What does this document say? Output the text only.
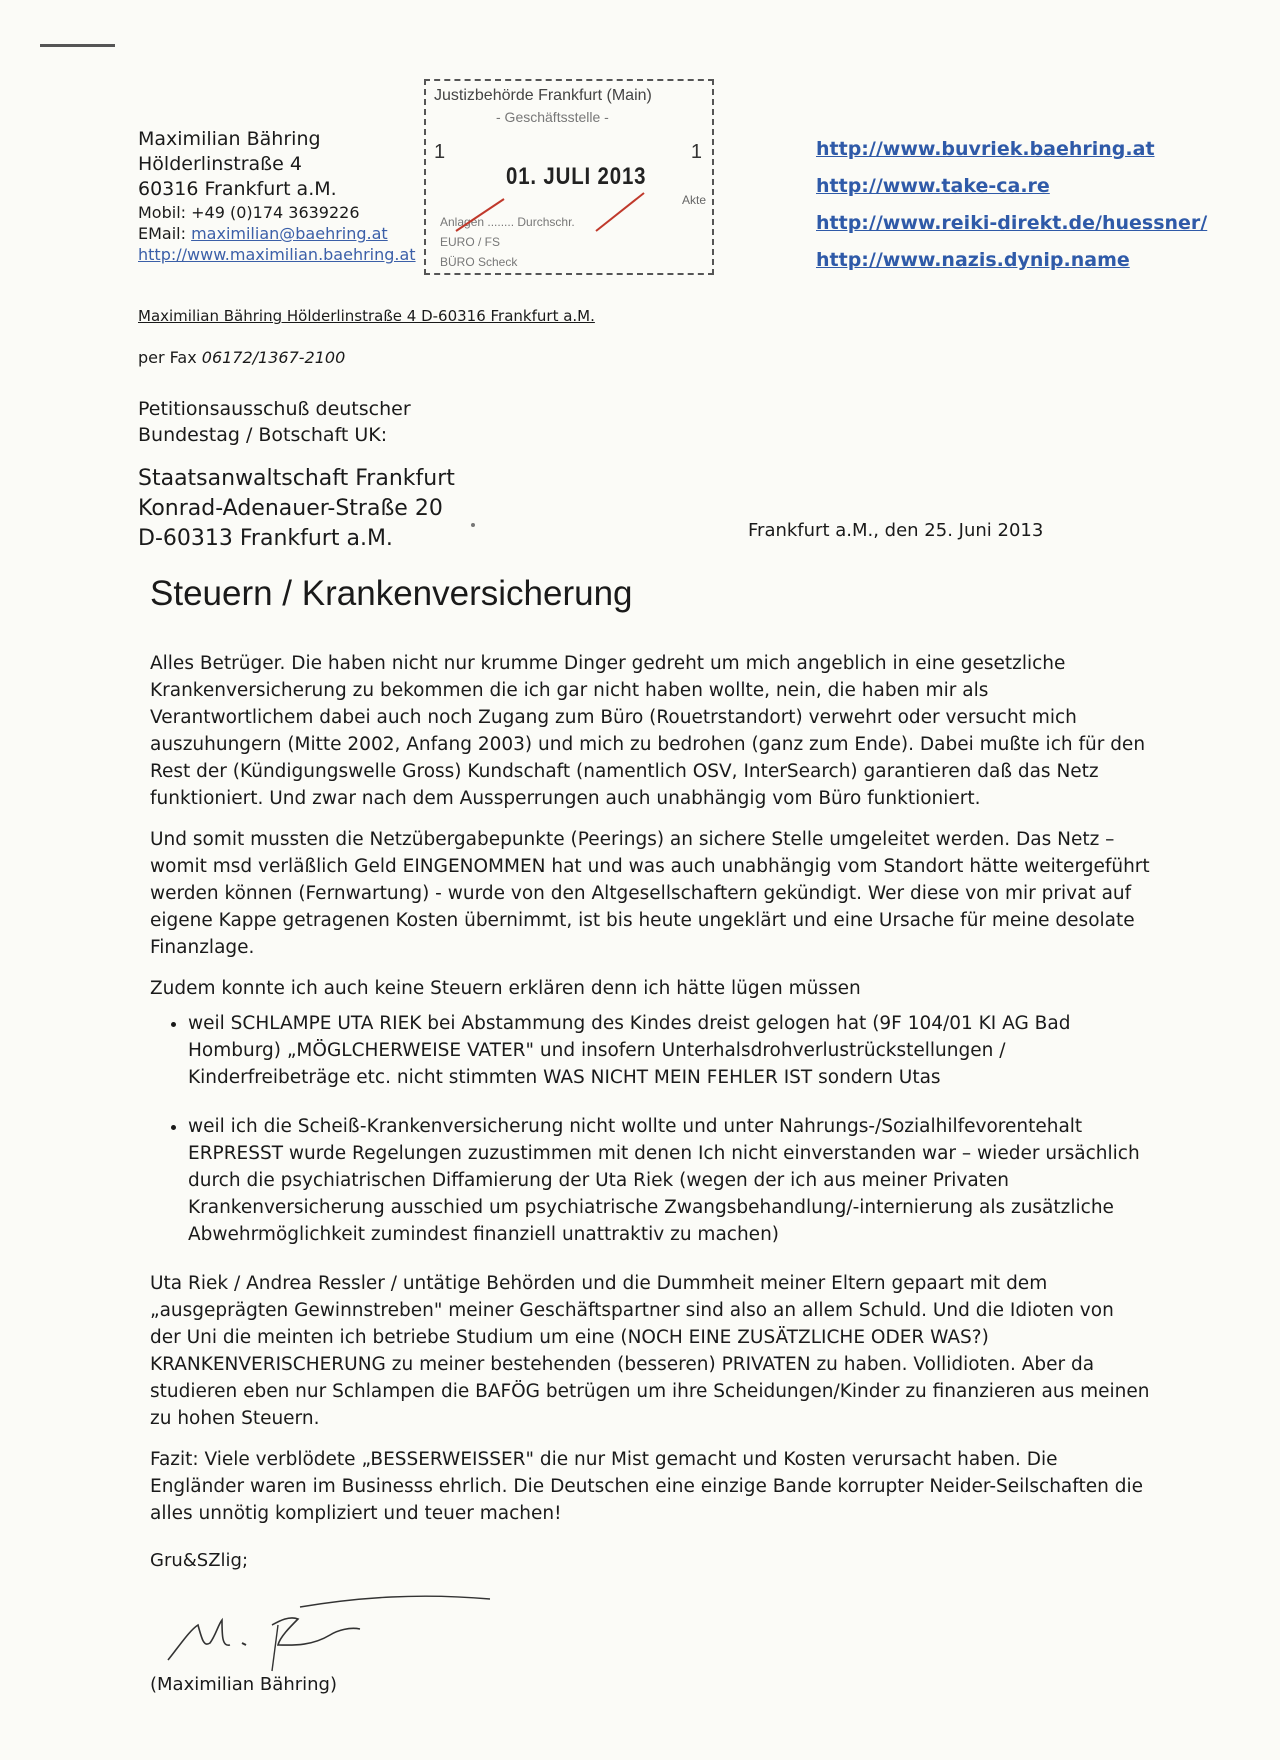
Maximilian Bähring
Hölderlinstraße 4
60316 Frankfurt a.M.
Mobil: +49 (0)174 3639226
EMail: maximilian@baehring.at
http://www.maximilian.baehring.at
Justizbehörde Frankfurt (Main)
- Geschäftsstelle -
1	1
01. JULI 2013
Akte
Anlagen ........ Durchschr.
EURO / FS
BÜRO Scheck
http://www.buvriek.baehring.at
http://www.take-ca.re
http://www.reiki-direkt.de/huessner/
http://www.nazis.dynip.name
Maximilian Bähring Hölderlinstraße 4 D-60316 Frankfurt a.M.
per Fax 06172/1367-2100
Petitionsausschuß deutscher
Bundestag / Botschaft UK:
Staatsanwaltschaft Frankfurt
Konrad-Adenauer-Straße 20
D-60313 Frankfurt a.M.	Frankfurt a.M., den 25. Juni 2013
Steuern / Krankenversicherung

Alles Betrüger. Die haben nicht nur krumme Dinger gedreht um mich angeblich in eine gesetzliche Krankenversicherung zu bekommen die ich gar nicht haben wollte, nein, die haben mir als Verantwortlichem dabei auch noch Zugang zum Büro (Rouetrstandort) verwehrt oder versucht mich auszuhungern (Mitte 2002, Anfang 2003) und mich zu bedrohen (ganz zum Ende). Dabei mußte ich für den Rest der (Kündigungswelle Gross) Kundschaft (namentlich OSV, InterSearch) garantieren daß das Netz funktioniert. Und zwar nach dem Aussperrungen auch unabhängig vom Büro funktioniert.

Und somit mussten die Netzübergabepunkte (Peerings) an sichere Stelle umgeleitet werden. Das Netz –womit msd verläßlich Geld EINGENOMMEN hat und was auch unabhängig vom Standort hätte weitergeführt werden können (Fernwartung) - wurde von den Altgesellschaftern gekündigt. Wer diese von mir privat auf eigene Kappe getragenen Kosten übernimmt, ist bis heute ungeklärt und eine Ursache für meine desolate Finanzlage.

Zudem konnte ich auch keine Steuern erklären denn ich hätte lügen müssen

• weil SCHLAMPE UTA RIEK bei Abstammung des Kindes dreist gelogen hat (9F 104/01 KI AG Bad Homburg) „MÖGLCHERWEISE VATER" und insofern Unterhalsdrohverlustrückstellungen / Kinderfreibeträge etc. nicht stimmten WAS NICHT MEIN FEHLER IST sondern Utas
• weil ich die Scheiß-Krankenversicherung nicht wollte und unter Nahrungs-/Sozialhilfevorentehalt ERPRESST wurde Regelungen zuzustimmen mit denen Ich nicht einverstanden war – wieder ursächlich durch die psychiatrischen Diffamierung der Uta Riek (wegen der ich aus meiner Privaten Krankenversicherung ausschied um psychiatrische Zwangsbehandlung/-internierung als zusätzliche Abwehrmöglichkeit zumindest finanziell unattraktiv zu machen)

Uta Riek / Andrea Ressler / untätige Behörden und die Dummheit meiner Eltern gepaart mit dem „ausgeprägten Gewinnstreben" meiner Geschäftspartner sind also an allem Schuld. Und die Idioten von der Uni die meinten ich betriebe Studium um eine (NOCH EINE ZUSÄTZLICHE ODER WAS?) KRANKENVERISCHERUNG zu meiner bestehenden (besseren) PRIVATEN zu haben. Vollidioten. Aber da studieren eben nur Schlampen die BAFÖG betrügen um ihre Scheidungen/Kinder zu finanzieren aus meinen zu hohen Steuern.

Fazit: Viele verblödete „BESSERWEISSER" die nur Mist gemacht und Kosten verursacht haben. Die Engländer waren im Businesss ehrlich. Die Deutschen eine einzige Bande korrupter Neider-Seilschaften die alles unnötig kompliziert und teuer machen!

Gru&SZlig;
(Maximilian Bähring)
